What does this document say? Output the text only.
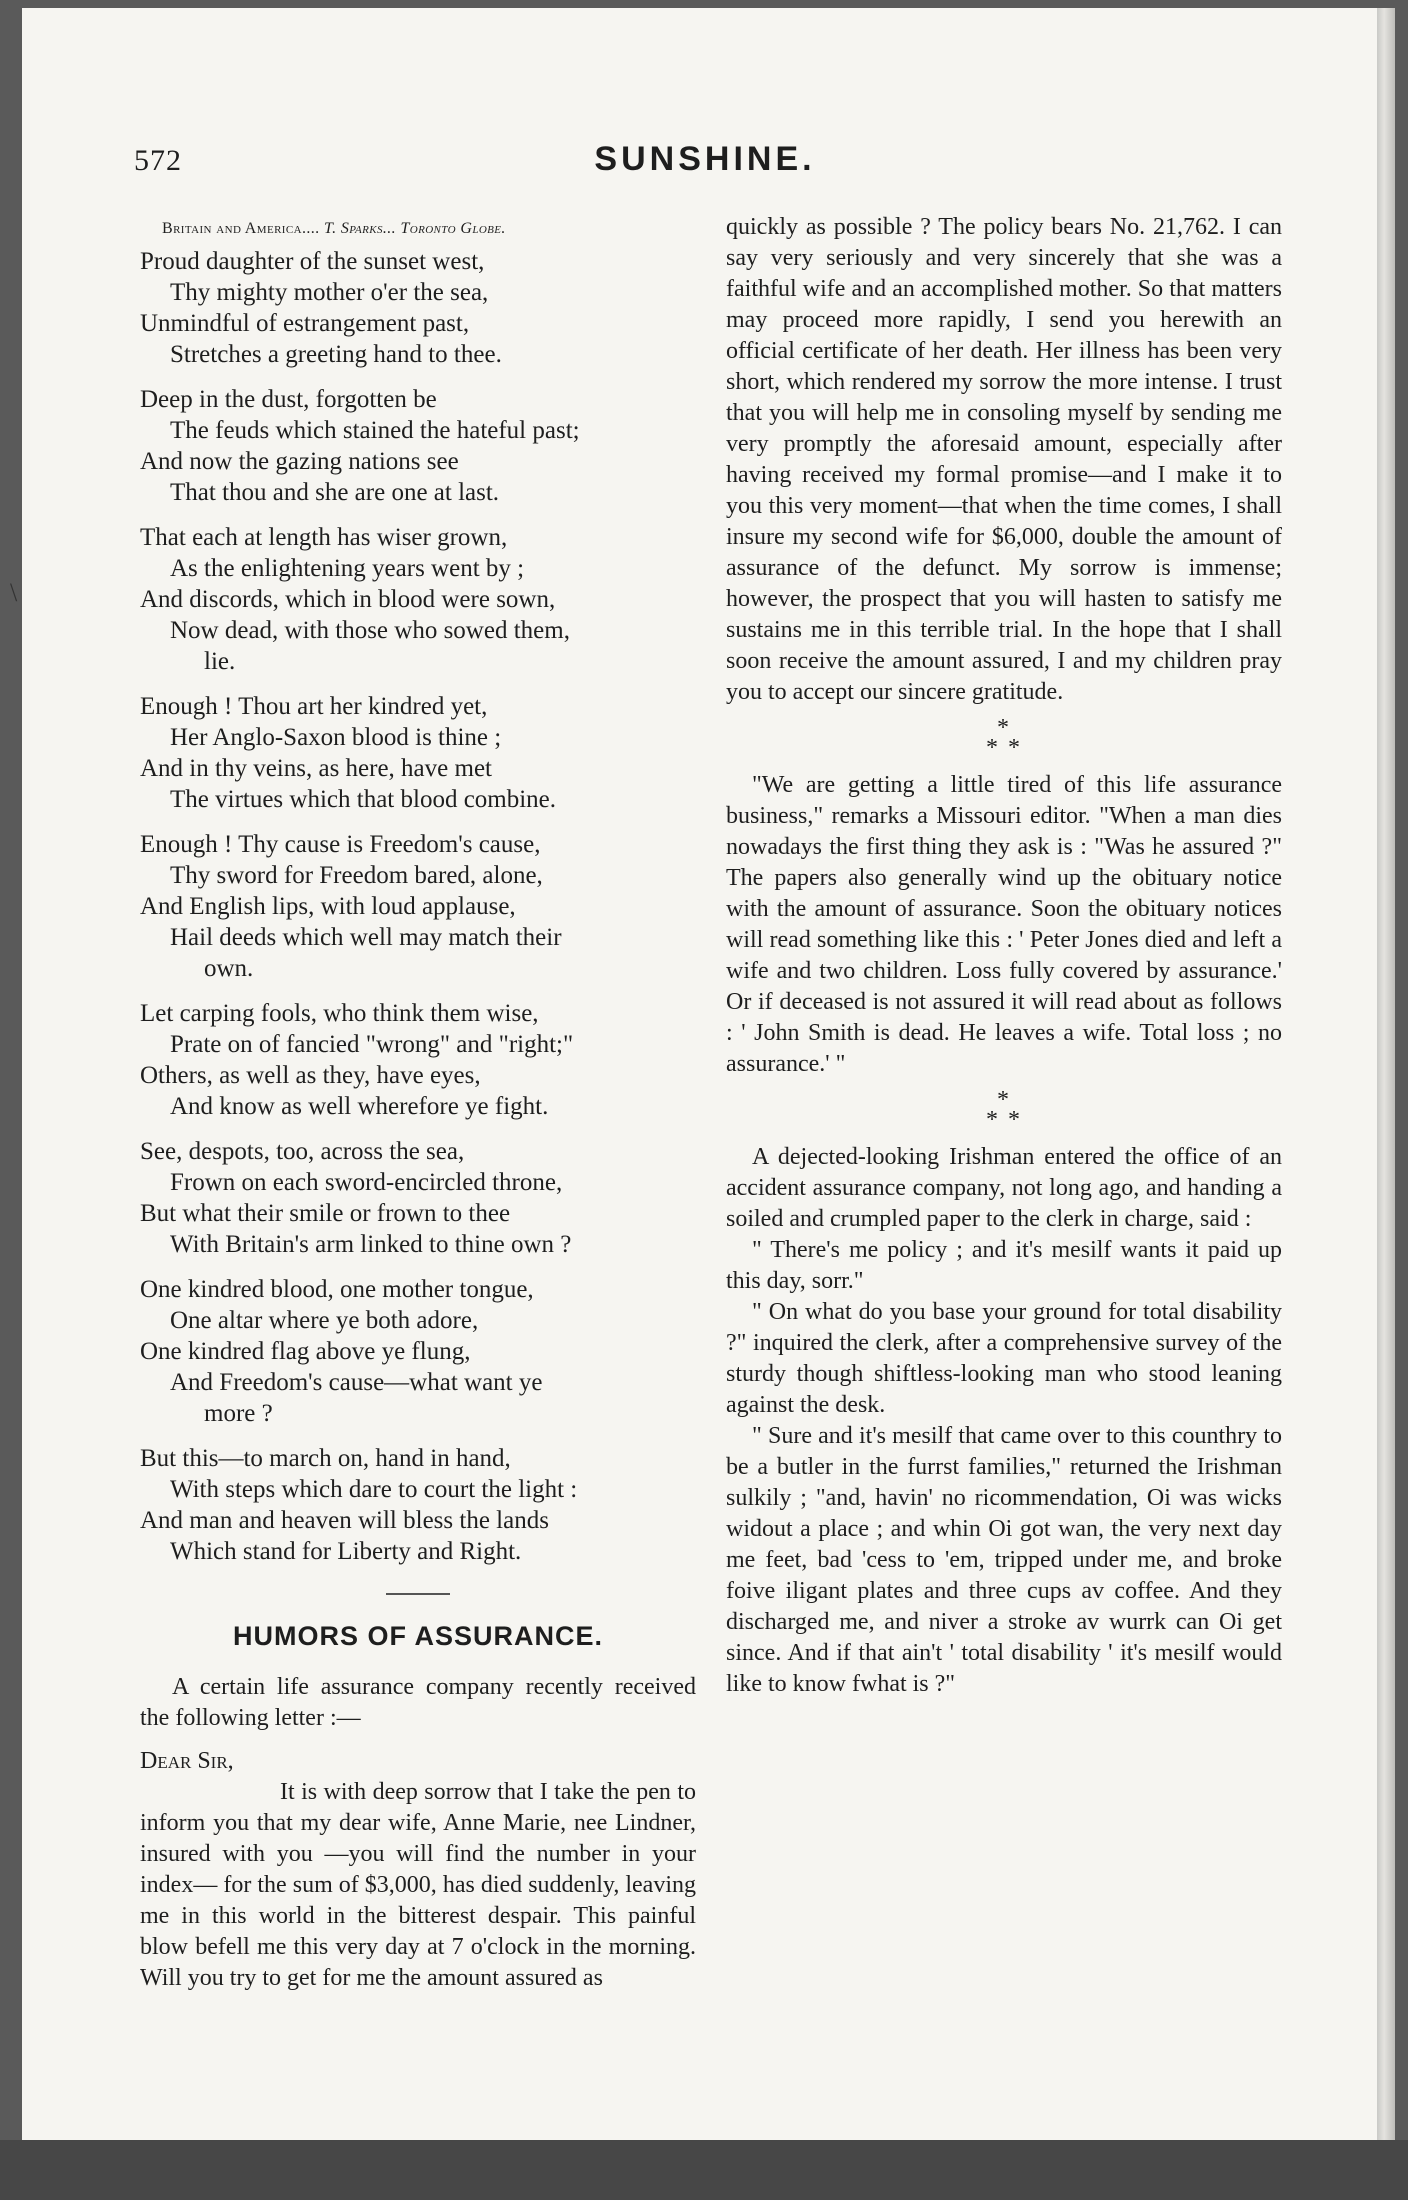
\
572	SUNSHINE.
Britain and America.... T. Sparks... Toronto Globe.
Proud daughter of the sunset west,
Thy mighty mother o'er the sea,
Unmindful of estrangement past,
Stretches a greeting hand to thee.
Deep in the dust, forgotten be
The feuds which stained the hateful past;
And now the gazing nations see
That thou and she are one at last.
That each at length has wiser grown,
As the enlightening years went by ;
And discords, which in blood were sown,
Now dead, with those who sowed them,
lie.
Enough ! Thou art her kindred yet,
Her Anglo-Saxon blood is thine ;
And in thy veins, as here, have met
The virtues which that blood combine.
Enough ! Thy cause is Freedom's cause,
Thy sword for Freedom bared, alone,
And English lips, with loud applause,
Hail deeds which well may match their
own.
Let carping fools, who think them wise,
Prate on of fancied "wrong" and "right;"
Others, as well as they, have eyes,
And know as well wherefore ye fight.
See, despots, too, across the sea,
Frown on each sword-encircled throne,
But what their smile or frown to thee
With Britain's arm linked to thine own ?
One kindred blood, one mother tongue,
One altar where ye both adore,
One kindred flag above ye flung,
And Freedom's cause—what want ye
more ?
But this—to march on, hand in hand,
With steps which dare to court the light :
And man and heaven will bless the lands
Which stand for Liberty and Right.
HUMORS OF ASSURANCE.

A certain life assurance company recently received the following letter :—

Dear Sir,

It is with deep sorrow that I take the pen to inform you that my dear wife, Anne Marie, nee Lindner, insured with you —you will find the number in your index— for the sum of $3,000, has died suddenly, leaving me in this world in the bitterest despair. This painful blow befell me this very day at 7 o'clock in the morning. Will you try to get for me the amount assured as

quickly as possible ? The policy bears No. 21,762. I can say very seriously and very sincerely that she was a faithful wife and an accomplished mother. So that matters may proceed more rapidly, I send you herewith an official certificate of her death. Her illness has been very short, which rendered my sorrow the more intense. I trust that you will help me in consoling myself by sending me very promptly the aforesaid amount, especially after having received my formal promise—and I make it to you this very moment—that when the time comes, I shall insure my second wife for $6,000, double the amount of assurance of the defunct. My sorrow is immense; however, the prospect that you will hasten to satisfy me sustains me in this terrible trial. In the hope that I shall soon receive the amount assured, I and my children pray you to accept our sincere gratitude.

*
* *

"We are getting a little tired of this life assurance business," remarks a Missouri editor. "When a man dies nowadays the first thing they ask is : "Was he assured ?" The papers also generally wind up the obituary notice with the amount of assurance. Soon the obituary notices will read something like this : ' Peter Jones died and left a wife and two children. Loss fully covered by assurance.' Or if deceased is not assured it will read about as follows : ' John Smith is dead. He leaves a wife. Total loss ; no assurance.' "

*
* *

A dejected-looking Irishman entered the office of an accident assurance company, not long ago, and handing a soiled and crumpled paper to the clerk in charge, said :

" There's me policy ; and it's mesilf wants it paid up this day, sorr."

" On what do you base your ground for total disability ?" inquired the clerk, after a comprehensive survey of the sturdy though shiftless-looking man who stood leaning against the desk.

" Sure and it's mesilf that came over to this counthry to be a butler in the furrst families," returned the Irishman sulkily ; "and, havin' no ricommendation, Oi was wicks widout a place ; and whin Oi got wan, the very next day me feet, bad 'cess to 'em, tripped under me, and broke foive iligant plates and three cups av coffee. And they discharged me, and niver a stroke av wurrk can Oi get since. And if that ain't ' total disability ' it's mesilf would like to know fwhat is ?"
